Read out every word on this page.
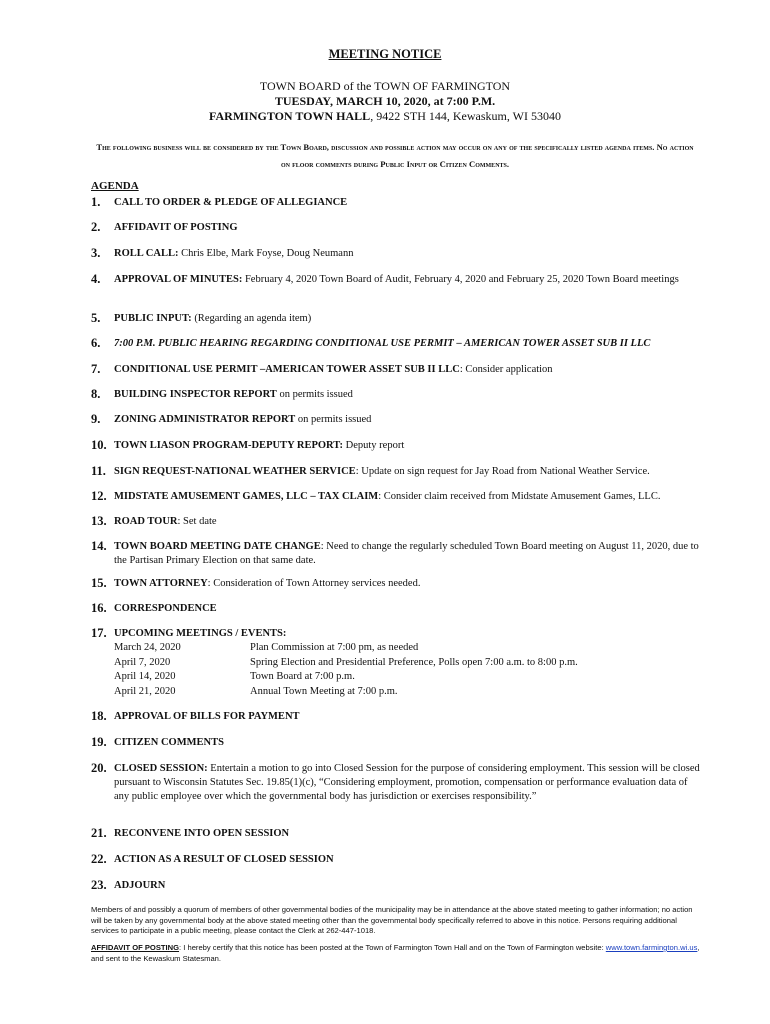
MEETING NOTICE
TOWN BOARD of the TOWN OF FARMINGTON
TUESDAY, MARCH 10, 2020, at 7:00 P.M.
FARMINGTON TOWN HALL, 9422 STH 144, Kewaskum, WI 53040
The following business will be considered by the Town Board, discussion and possible action may occur on any of the specifically listed agenda items. No action on floor comments during Public Input or Citizen Comments.
AGENDA
1.	CALL TO ORDER & PLEDGE OF ALLEGIANCE
2.	AFFIDAVIT OF POSTING
3.	ROLL CALL: Chris Elbe, Mark Foyse, Doug Neumann
4.	APPROVAL OF MINUTES: February 4, 2020 Town Board of Audit, February 4, 2020 and February 25, 2020 Town Board meetings
5.	PUBLIC INPUT: (Regarding an agenda item)
6.	7:00 P.M. PUBLIC HEARING REGARDING CONDITIONAL USE PERMIT – AMERICAN TOWER ASSET SUB II LLC
7.	CONDITIONAL USE PERMIT –AMERICAN TOWER ASSET SUB II LLC: Consider application
8.	BUILDING INSPECTOR REPORT on permits issued
9.	ZONING ADMINISTRATOR REPORT on permits issued
10. TOWN LIASON PROGRAM-DEPUTY REPORT: Deputy report
11. SIGN REQUEST-NATIONAL WEATHER SERVICE: Update on sign request for Jay Road from National Weather Service.
12. MIDSTATE AMUSEMENT GAMES, LLC – TAX CLAIM: Consider claim received from Midstate Amusement Games, LLC.
13. ROAD TOUR: Set date
14. TOWN BOARD MEETING DATE CHANGE: Need to change the regularly scheduled Town Board meeting on August 11, 2020, due to the Partisan Primary Election on that same date.
15. TOWN ATTORNEY: Consideration of Town Attorney services needed.
16. CORRESPONDENCE
17. UPCOMING MEETINGS / EVENTS:
March 24, 2020	Plan Commission at 7:00 pm, as needed
April 7, 2020	Spring Election and Presidential Preference, Polls open 7:00 a.m. to 8:00 p.m.
April 14, 2020	Town Board at 7:00 p.m.
April 21, 2020	Annual Town Meeting at 7:00 p.m.
18. APPROVAL OF BILLS FOR PAYMENT
19. CITIZEN COMMENTS
20. CLOSED SESSION: Entertain a motion to go into Closed Session for the purpose of considering employment. This session will be closed pursuant to Wisconsin Statutes Sec. 19.85(1)(c), “Considering employment, promotion, compensation or performance evaluation data of any public employee over which the governmental body has jurisdiction or exercises responsibility.”
21. RECONVENE INTO OPEN SESSION
22. ACTION AS A RESULT OF CLOSED SESSION
23. ADJOURN
Members of and possibly a quorum of members of other governmental bodies of the municipality may be in attendance at the above stated meeting to gather information; no action will be taken by any governmental body at the above stated meeting other than the governmental body specifically referred to above in this notice. Persons requiring additional services to participate in a public meeting, please contact the Clerk at 262-447-1018.
AFFIDAVIT OF POSTING: I hereby certify that this notice has been posted at the Town of Farmington Town Hall and on the Town of Farmington website: www.town.farmington.wi.us, and sent to the Kewaskum Statesman.
